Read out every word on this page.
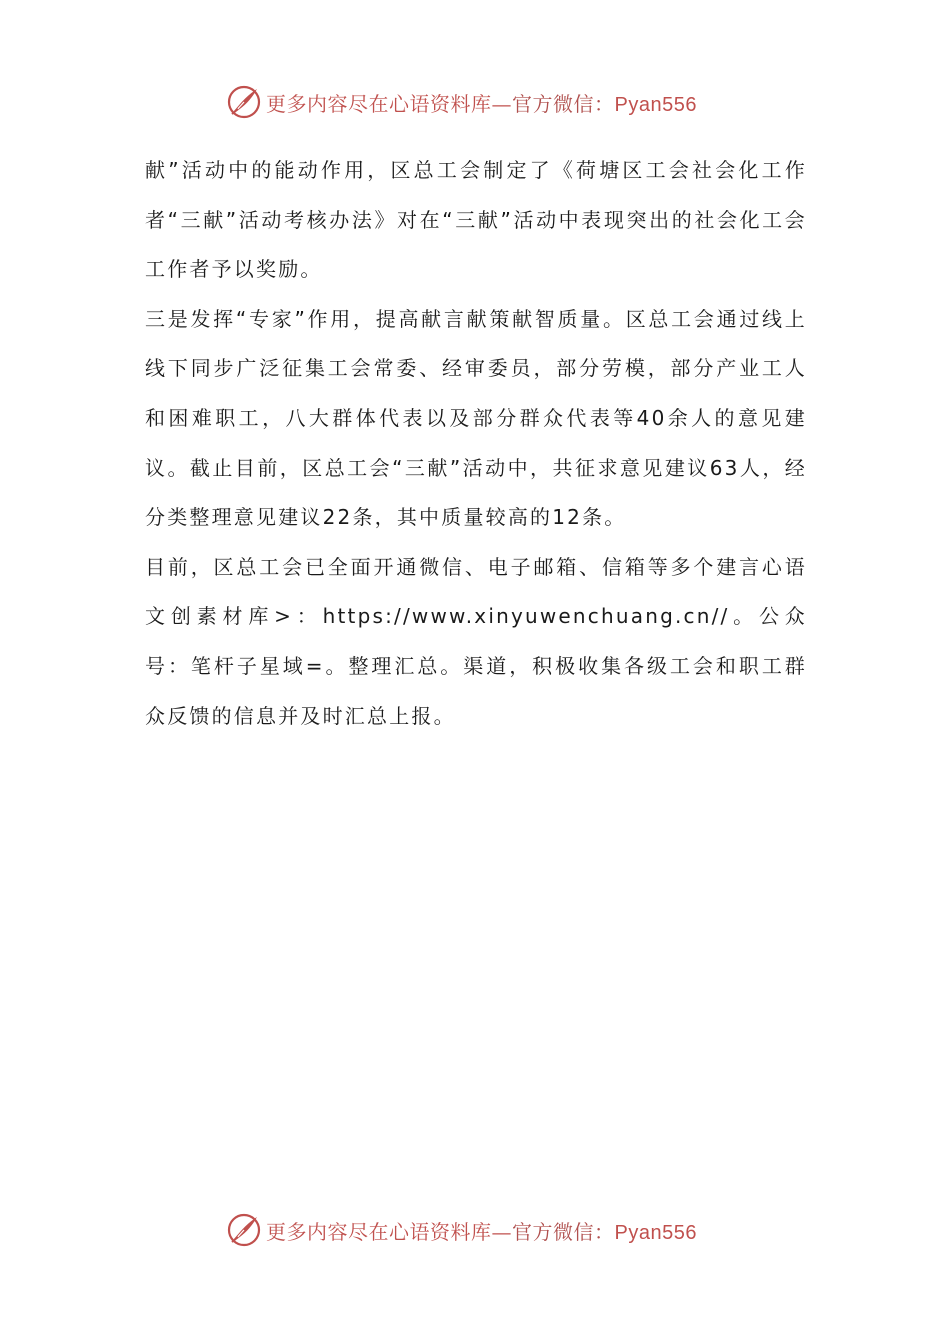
更多内容尽在心语资料库—官方微信：Pyan556

献”活动中的能动作用，区总工会制定了《荷塘区工会社会化工作者“三献”活动考核办法》对在“三献”活动中表现突出的社会化工会工作者予以奖励。

三是发挥“专家”作用，提高献言献策献智质量。区总工会通过线上线下同步广泛征集工会常委、经审委员，部分劳模，部分产业工人和困难职工，八大群体代表以及部分群众代表等40余人的意见建议。截止目前，区总工会“三献”活动中，共征求意见建议63人，经分类整理意见建议22条，其中质量较高的12条。

目前，区总工会已全面开通微信、电子邮箱、信箱等多个建言心语文创素材库>：https://www.xinyuwenchuang.cn//。公众号：笔杆子星域=。整理汇总。渠道，积极收集各级工会和职工群众反馈的信息并及时汇总上报。

更多内容尽在心语资料库—官方微信：Pyan556
